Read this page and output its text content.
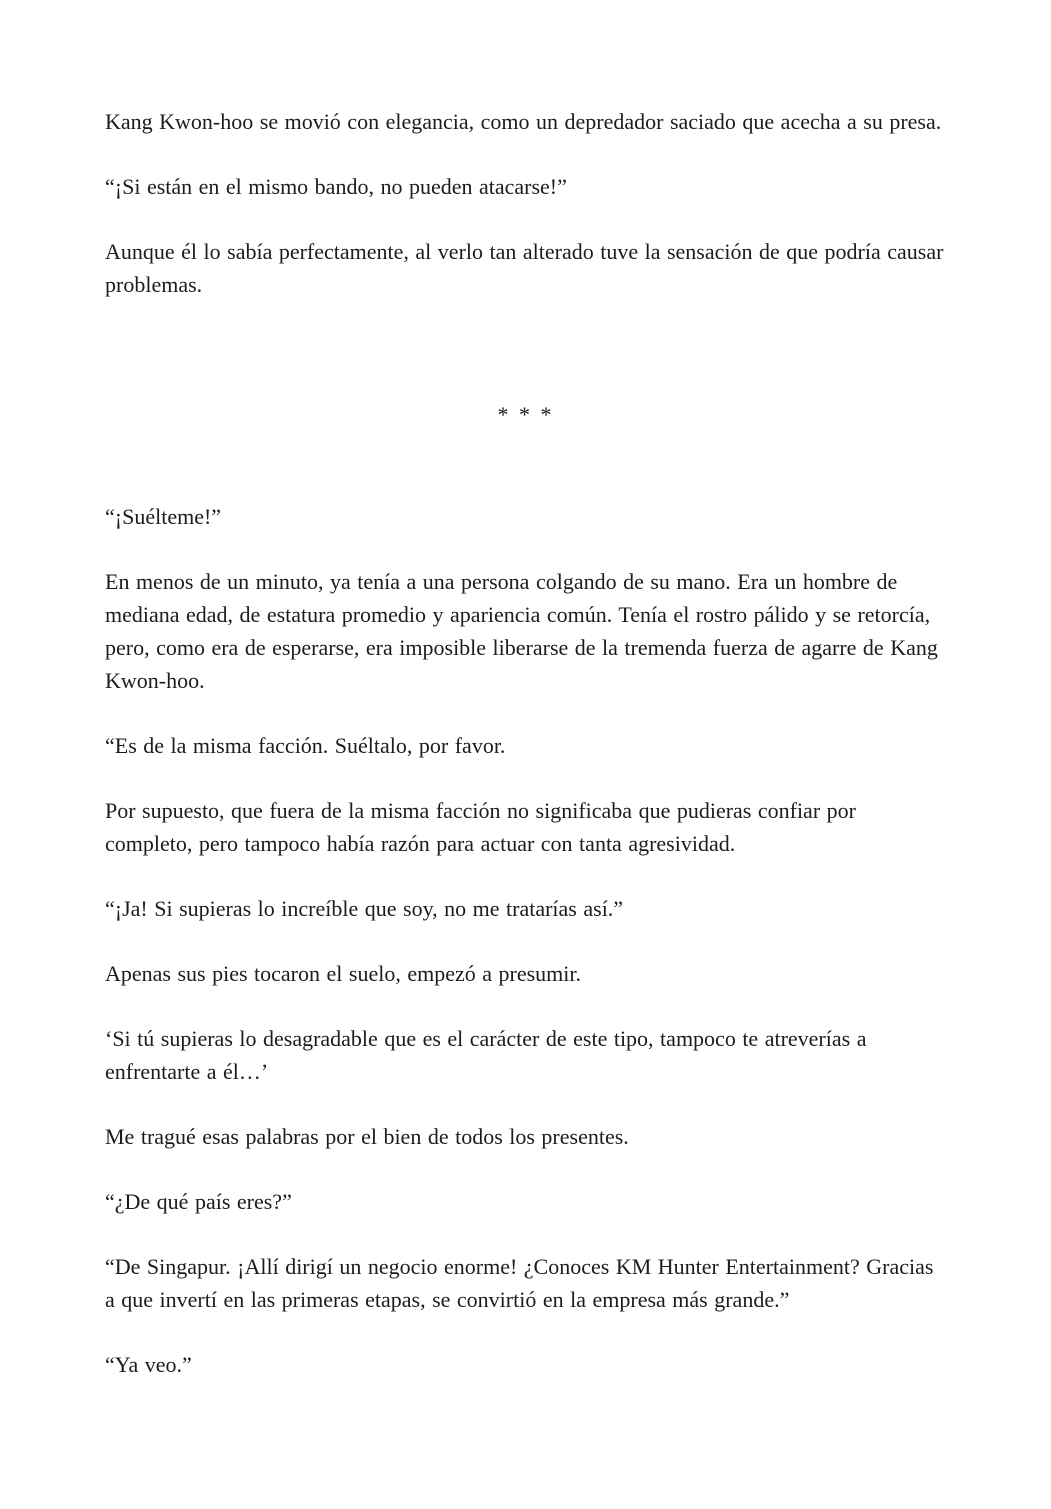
Kang Kwon-hoo se movió con elegancia, como un depredador saciado que acecha a su presa.

“¡Si están en el mismo bando, no pueden atacarse!”

Aunque él lo sabía perfectamente, al verlo tan alterado tuve la sensación de que podría causar problemas.

* * *

“¡Suélteme!”

En menos de un minuto, ya tenía a una persona colgando de su mano. Era un hombre de mediana edad, de estatura promedio y apariencia común. Tenía el rostro pálido y se retorcía, pero, como era de esperarse, era imposible liberarse de la tremenda fuerza de agarre de Kang Kwon-hoo.

“Es de la misma facción. Suéltalo, por favor.

Por supuesto, que fuera de la misma facción no significaba que pudieras confiar por completo, pero tampoco había razón para actuar con tanta agresividad.

“¡Ja! Si supieras lo increíble que soy, no me tratarías así.”

Apenas sus pies tocaron el suelo, empezó a presumir.

‘Si tú supieras lo desagradable que es el carácter de este tipo, tampoco te atreverías a enfrentarte a él…’

Me tragué esas palabras por el bien de todos los presentes.

“¿De qué país eres?”

“De Singapur. ¡Allí dirigí un negocio enorme! ¿Conoces KM Hunter Entertainment? Gracias a que invertí en las primeras etapas, se convirtió en la empresa más grande.”

“Ya veo.”
